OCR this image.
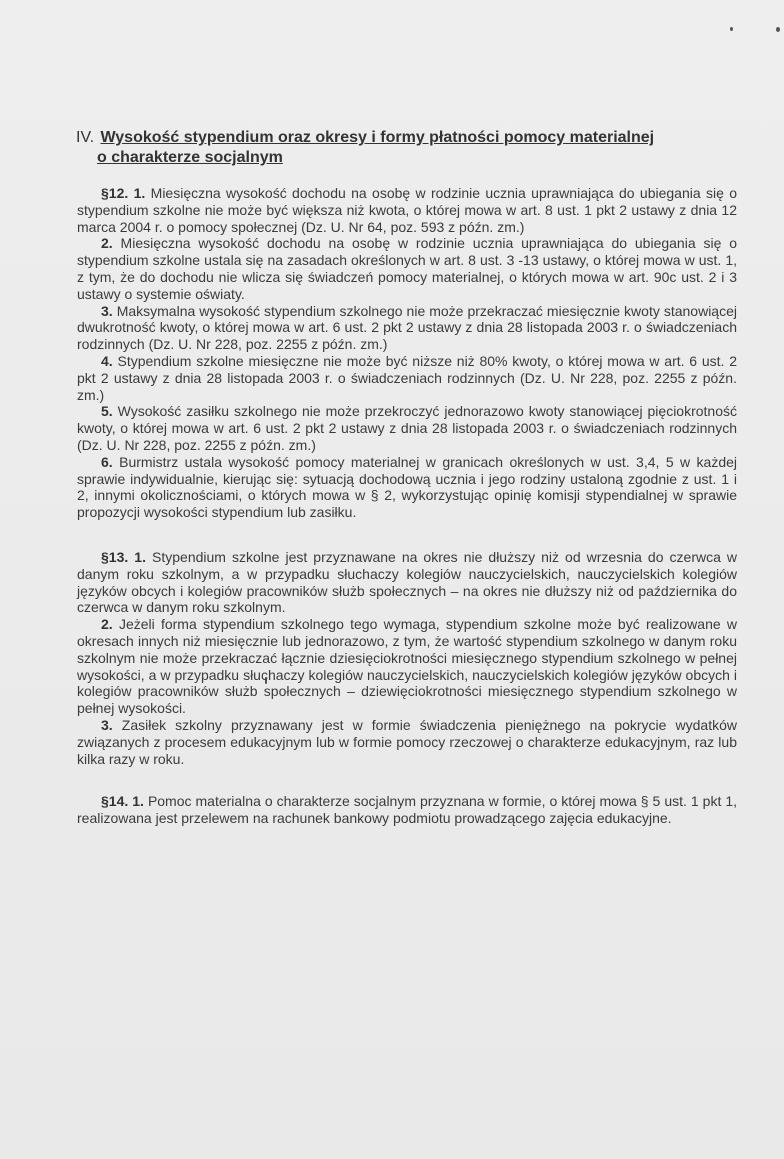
IV. Wysokość stypendium oraz okresy i formy płatności pomocy materialnej
o charakterze socjalnym

§12. 1. Miesięczna wysokość dochodu na osobę w rodzinie ucznia uprawniająca do ubiegania się o stypendium szkolne nie może być większa niż kwota, o której mowa w art. 8 ust. 1 pkt 2 ustawy z dnia 12 marca 2004 r. o pomocy społecznej (Dz. U. Nr 64, poz. 593 z późn. zm.)

2. Miesięczna wysokość dochodu na osobę w rodzinie ucznia uprawniająca do ubiegania się o stypendium szkolne ustala się na zasadach określonych w art. 8 ust. 3 -13 ustawy, o której mowa w ust. 1, z tym, że do dochodu nie wlicza się świadczeń pomocy materialnej, o których mowa w art. 90c ust. 2 i 3 ustawy o systemie oświaty.

3. Maksymalna wysokość stypendium szkolnego nie może przekraczać miesięcznie kwoty stanowiącej dwukrotność kwoty, o której mowa w art. 6 ust. 2 pkt 2 ustawy z dnia 28 listopada 2003 r. o świadczeniach rodzinnych (Dz. U. Nr 228, poz. 2255 z późn. zm.)

4. Stypendium szkolne miesięczne nie może być niższe niż 80% kwoty, o której mowa w art. 6 ust. 2 pkt 2 ustawy z dnia 28 listopada 2003 r. o świadczeniach rodzinnych (Dz. U. Nr 228, poz. 2255 z późn. zm.)

5. Wysokość zasiłku szkolnego nie może przekroczyć jednorazowo kwoty stanowiącej pięciokrotność kwoty, o której mowa w art. 6 ust. 2 pkt 2 ustawy z dnia 28 listopada 2003 r. o świadczeniach rodzinnych (Dz. U. Nr 228, poz. 2255 z późn. zm.)

6. Burmistrz ustala wysokość pomocy materialnej w granicach określonych w ust. 3,4, 5 w każdej sprawie indywidualnie, kierując się: sytuacją dochodową ucznia i jego rodziny ustaloną zgodnie z ust. 1 i 2, innymi okolicznościami, o których mowa w § 2, wykorzystując opinię komisji stypendialnej w sprawie propozycji wysokości stypendium lub zasiłku.

§13. 1. Stypendium szkolne jest przyznawane na okres nie dłuższy niż od wrzesnia do czerwca w danym roku szkolnym, a w przypadku słuchaczy kolegiów nauczycielskich, nauczycielskich kolegiów języków obcych i kolegiów pracowników służb społecznych – na okres nie dłuższy niż od października do czerwca w danym roku szkolnym.

2. Jeżeli forma stypendium szkolnego tego wymaga, stypendium szkolne może być realizowane w okresach innych niż miesięcznie lub jednorazowo, z tym, że wartość stypendium szkolnego w danym roku szkolnym nie może przekraczać łącznie dziesięciokrotności miesięcznego stypendium szkolnego w pełnej wysokości, a w przypadku słuchaczy kolegiów nauczycielskich, nauczycielskich kolegiów języków obcych i kolegiów pracowników służb społecznych – dziewięciokrotności miesięcznego stypendium szkolnego w pełnej wysokości.

3. Zasiłek szkolny przyznawany jest w formie świadczenia pieniężnego na pokrycie wydatków związanych z procesem edukacyjnym lub w formie pomocy rzeczowej o charakterze edukacyjnym, raz lub kilka razy w roku.

§14. 1. Pomoc materialna o charakterze socjalnym przyznana w formie, o której mowa § 5 ust. 1 pkt 1, realizowana jest przelewem na rachunek bankowy podmiotu prowadzącego zajęcia edukacyjne.
